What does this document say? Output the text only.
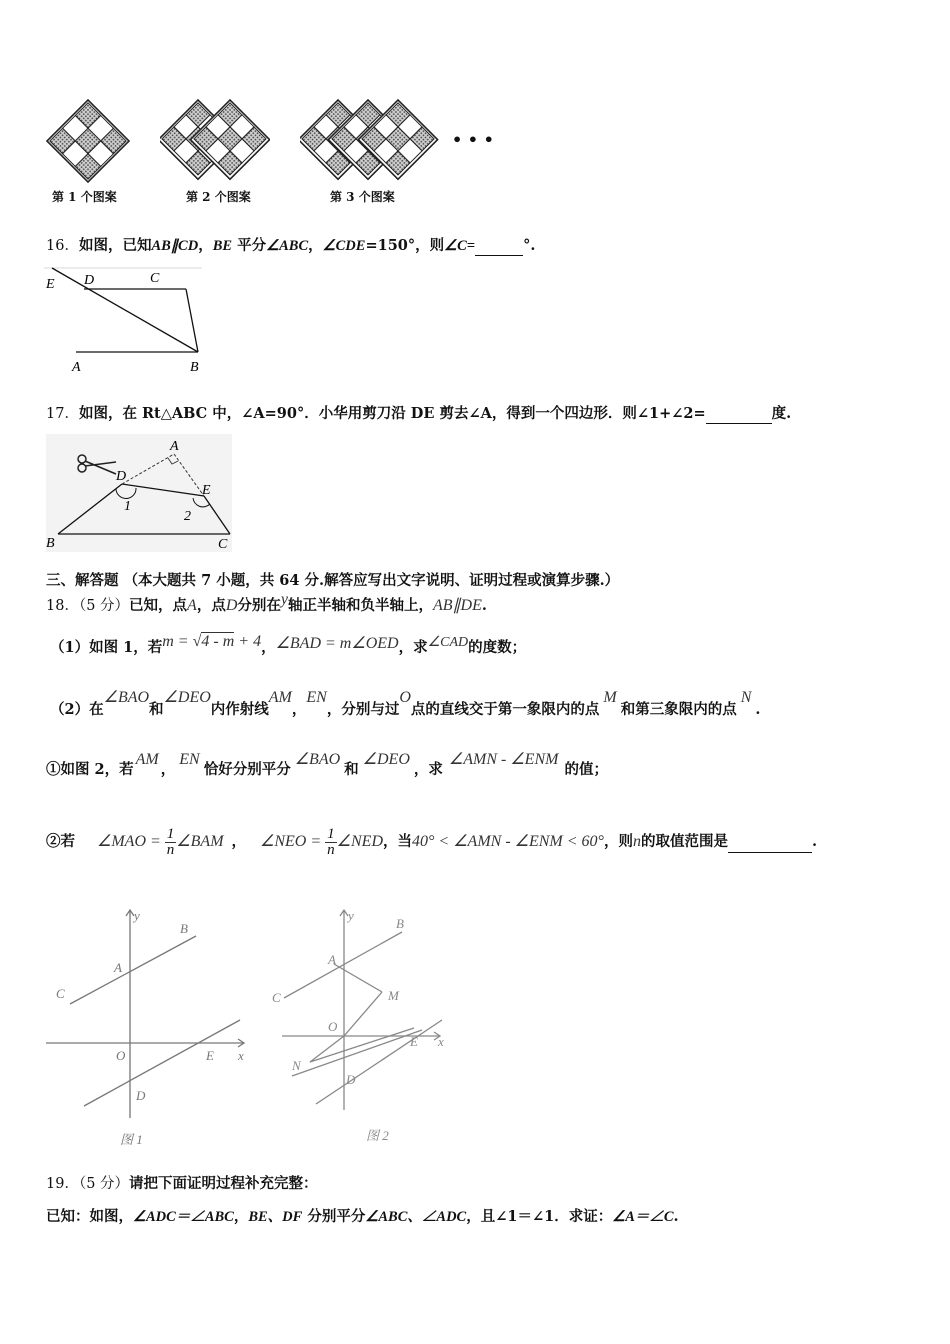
• • •
第 1 个图案	第 2 个图案	第 3 个图案
16．如图，已知AB∥CD，BE 平分∠ABC，∠CDE=150°，则∠C=	°.
E D	C
A	B
17．如图，在 Rt△ABC 中，∠A=90°．小华用剪刀沿 DE 剪去∠A，得到一个四边形．则∠1+∠2=	度.
A
D
E
1
2
B	C
三、解答题 （本大题共 7 小题，共 64 分.解答应写出文字说明、证明过程或演算步骤.）
18．（5 分）已知，点A，点D分别在y轴正半轴和负半轴上，AB∥DE.
（1）如图 1，若m = √4 - m + 4，∠BAD = m∠OED，求∠CAD的度数；
（2）在∠BAO和∠DEO内作射线AM，EN，分别与过O点的直线交于第一象限内的点M和第三象限内的点N.
①如图 2，若AM，EN恰好分别平分∠BAO和∠DEO，求∠AMN - ∠ENM的值；
②若 ∠MAO = $\frac{1}{n}$ ∠BAM ， ∠NEO = $\frac{1}{n}$ ∠NED，当40° < ∠AMN - ∠ENM < 60°，则n的取值范围是	.
y
B
A
C
O	E x
D
图 1
y
B
A
M
C
O
E x
N
D
图 2
19．（5 分）请把下面证明过程补充完整：
已知：如图，∠ADC＝∠ABC，BE、DF 分别平分∠ABC、∠ADC，且∠1＝∠1．求证：∠A＝∠C.
